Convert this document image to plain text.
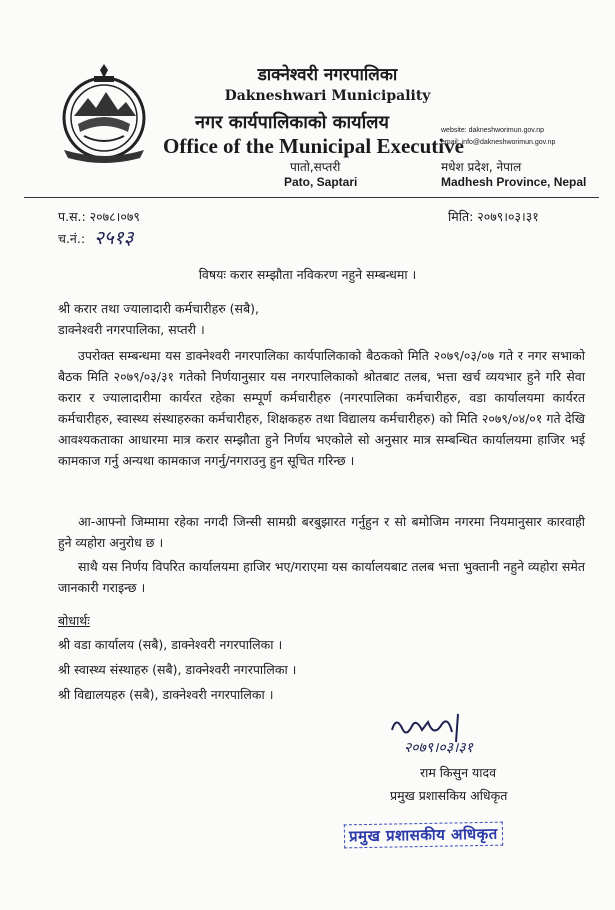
डाक्नेश्वरी नगरपालिका
Dakneshwari Municipality
नगर कार्यपालिकाको कार्यालय
Office of the Municipal Executive
पातो,सप्तरी
Pato, Saptari
website: dakneshworimun.gov.np
email: info@dakneshworimun.gov.np
मधेश प्रदेश, नेपाल
Madhesh Province, Nepal
प.स.: २०७८।०७९	मिति: २०७९।०३।३१
च.नं.: २५१३
विषयः करार सम्झौता नविकरण नहुने सम्बन्धमा ।
श्री करार तथा ज्यालादारी कर्मचारीहरु (सबै),
डाक्नेश्वरी नगरपालिका, सप्तरी ।
उपरोक्त सम्बन्धमा यस डाक्नेश्वरी नगरपालिका कार्यपालिकाको बैठकको मिति २०७९/०३/०७ गते र नगर सभाको बैठक मिति २०७९/०३/३१ गतेको निर्णयानुसार यस नगरपालिकाको श्रोतबाट तलब, भत्ता खर्च व्ययभार हुने गरि सेवा करार र ज्यालादारीमा कार्यरत रहेका सम्पूर्ण कर्मचारीहरु (नगरपालिका कर्मचारीहरु, वडा कार्यालयमा कार्यरत कर्मचारीहरु, स्वास्थ्य संस्थाहरुका कर्मचारीहरु, शिक्षकहरु तथा विद्यालय कर्मचारीहरु) को मिति २०७९/०४/०१ गते देखि आवश्यकताका आधारमा मात्र करार सम्झौता हुने निर्णय भएकोले सो अनुसार मात्र सम्बन्धित कार्यालयमा हाजिर भई कामकाज गर्नु अन्यथा कामकाज नगर्नु/नगराउनु हुन सूचित गरिन्छ ।
आ-आफ्नो जिम्मामा रहेका नगदी जिन्सी सामग्री बरबुझारत गर्नुहुन र सो बमोजिम नगरमा नियमानुसार कारवाही हुने व्यहोरा अनुरोध छ ।
साथै यस निर्णय विपरित कार्यालयमा हाजिर भए/गराएमा यस कार्यालयबाट तलब भत्ता भुक्तानी नहुने व्यहोरा समेत जानकारी गराइन्छ ।
बोधार्थः
श्री वडा कार्यालय (सबै), डाक्नेश्वरी नगरपालिका ।
श्री स्वास्थ्य संस्थाहरु (सबै), डाक्नेश्वरी नगरपालिका ।
श्री विद्यालयहरु (सबै), डाक्नेश्वरी नगरपालिका ।
२०७९।०३।३१
राम किसुन यादव
प्रमुख प्रशासकिय अधिकृत
प्रमुख प्रशासकीय अधिकृत
